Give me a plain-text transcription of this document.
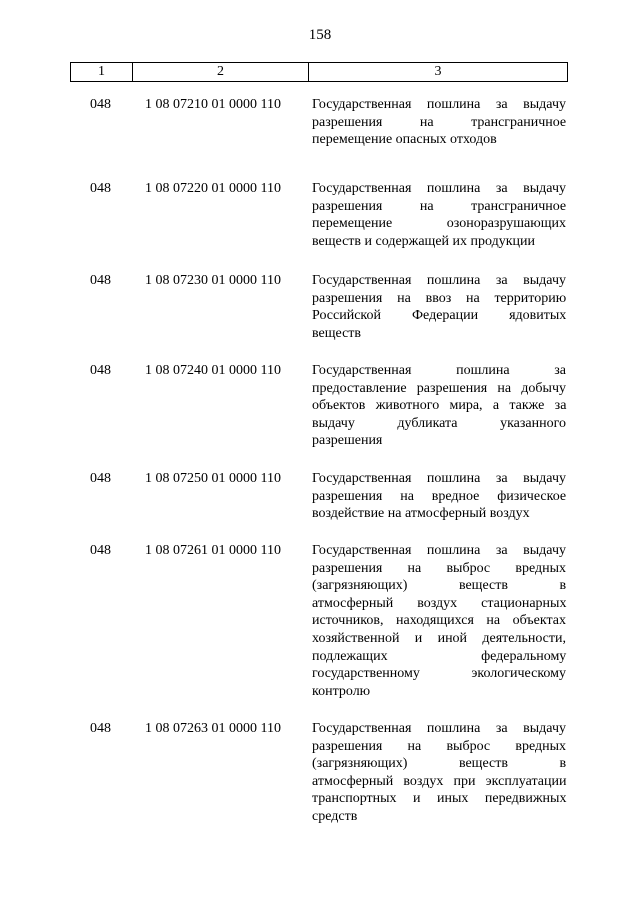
158
1	2	3
048 1 08 07210 01 0000 110 Государственная пошлина за выдачу
разрешения на трансграничное
перемещение опасных отходов
048 1 08 07220 01 0000 110 Государственная пошлина за выдачу
разрешения на трансграничное
перемещение озоноразрушающих
веществ и содержащей их продукции
048 1 08 07230 01 0000 110 Государственная пошлина за выдачу
разрешения на ввоз на территорию
Российской Федерации ядовитых
веществ
048 1 08 07240 01 0000 110 Государственная пошлина за
предоставление разрешения на добычу
объектов животного мира, а также за
выдачу дубликата указанного
разрешения
048 1 08 07250 01 0000 110 Государственная пошлина за выдачу
разрешения на вредное физическое
воздействие на атмосферный воздух
048 1 08 07261 01 0000 110 Государственная пошлина за выдачу
разрешения на выброс вредных
(загрязняющих) веществ в
атмосферный воздух стационарных
источников, находящихся на объектах
хозяйственной и иной деятельности,
подлежащих федеральному
государственному экологическому
контролю
048 1 08 07263 01 0000 110 Государственная пошлина за выдачу
разрешения на выброс вредных
(загрязняющих) веществ в
атмосферный воздух при эксплуатации
транспортных и иных передвижных
средств
